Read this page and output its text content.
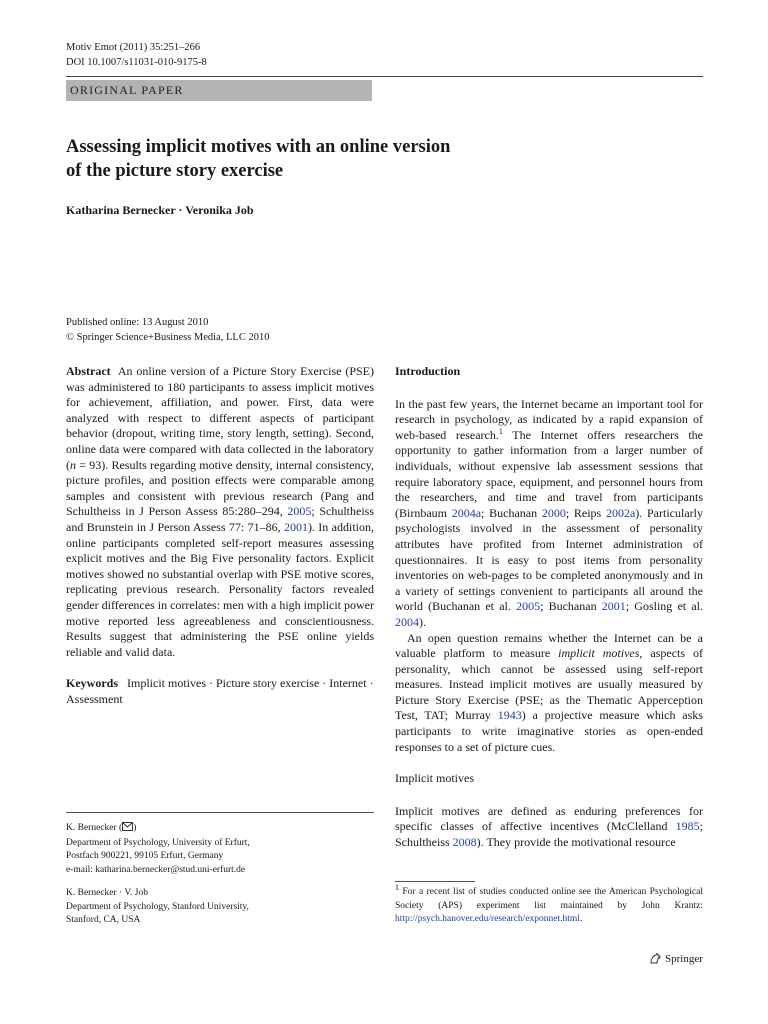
Motiv Emot (2011) 35:251–266
DOI 10.1007/s11031-010-9175-8
ORIGINAL PAPER
Assessing implicit motives with an online version
of the picture story exercise
Katharina Bernecker · Veronika Job
Published online: 13 August 2010
© Springer Science+Business Media, LLC 2010

Abstract An online version of a Picture Story Exercise (PSE) was administered to 180 participants to assess implicit motives for achievement, affiliation, and power. First, data were analyzed with respect to different aspects of participant behavior (dropout, writing time, story length, setting). Second, online data were compared with data collected in the laboratory (n = 93). Results regarding motive density, internal consistency, picture profiles, and position effects were comparable among samples and consistent with previous research (Pang and Schultheiss in J Person Assess 85:280–294, 2005; Schultheiss and Brunstein in J Person Assess 77: 71–86, 2001). In addition, online participants completed self-report measures assessing explicit motives and the Big Five personality factors. Explicit motives showed no substantial overlap with PSE motive scores, replicating previous research. Personality factors revealed gender differences in correlates: men with a high implicit power motive reported less agreeableness and conscientiousness. Results suggest that administering the PSE online yields reliable and valid data.

Keywords Implicit motives · Picture story exercise · Internet · Assessment

Introduction

In the past few years, the Internet became an important tool for research in psychology, as indicated by a rapid expansion of web-based research.$^1$ The Internet offers researchers the opportunity to gather information from a larger number of individuals, without expensive lab assessment sessions that require laboratory space, equipment, and personnel hours from the researchers, and time and travel from participants (Birnbaum 2004a; Buchanan 2000; Reips 2002a). Particularly psychologists involved in the assessment of personality attributes have profited from Internet administration of questionnaires. It is easy to post items from personality inventories on web-pages to be completed anonymously and in a variety of settings convenient to participants all around the world (Buchanan et al. 2005; Buchanan 2001; Gosling et al. 2004).

An open question remains whether the Internet can be a valuable platform to measure implicit motives, aspects of personality, which cannot be assessed using self-report measures. Instead implicit motives are usually measured by Picture Story Exercise (PSE; as the Thematic Apperception Test, TAT; Murray 1943) a projective measure which asks participants to write imaginative stories as open-ended responses to a set of picture cues.

Implicit motives

Implicit motives are defined as enduring preferences for specific classes of affective incentives (McClelland 1985; Schultheiss 2008). They provide the motivational resource

K. Bernecker ( )
Department of Psychology, University of Erfurt,
Postfach 900221, 99105 Erfurt, Germany
e-mail: katharina.bernecker@stud.uni-erfurt.de
K. Bernecker · V. Job
Department of Psychology, Stanford University,
Stanford, CA, USA
$^1$ For a recent list of studies conducted online see the American Psychological Society (APS) experiment list maintained by John Krantz: http://psych.hanover.edu/research/exponnet.html.
Springer
